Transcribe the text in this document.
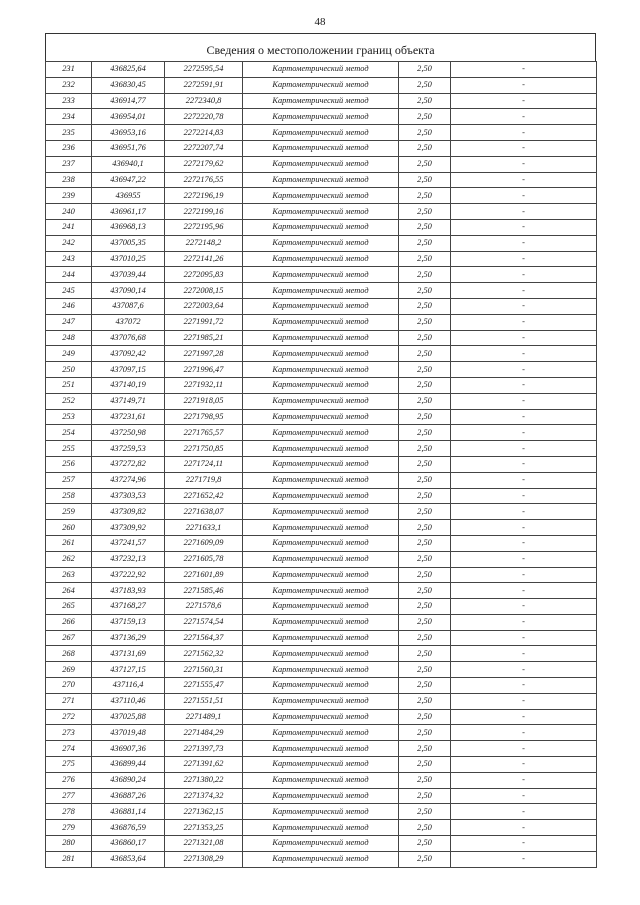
48
Сведения о местоположении границ объекта
231	436825,64	2272595,54	Картометрический метод	2,50	-
232	436830,45	2272591,91	Картометрический метод	2,50	-
233	436914,77	2272340,8	Картометрический метод	2,50	-
234	436954,01	2272220,78	Картометрический метод	2,50	-
235	436953,16	2272214,83	Картометрический метод	2,50	-
236	436951,76	2272207,74	Картометрический метод	2,50	-
237	436940,1	2272179,62	Картометрический метод	2,50	-
238	436947,22	2272176,55	Картометрический метод	2,50	-
239	436955	2272196,19	Картометрический метод	2,50	-
240	436961,17	2272199,16	Картометрический метод	2,50	-
241	436968,13	2272195,96	Картометрический метод	2,50	-
242	437005,35	2272148,2	Картометрический метод	2,50	-
243	437010,25	2272141,26	Картометрический метод	2,50	-
244	437039,44	2272095,83	Картометрический метод	2,50	-
245	437090,14	2272008,15	Картометрический метод	2,50	-
246	437087,6	2272003,64	Картометрический метод	2,50	-
247	437072	2271991,72	Картометрический метод	2,50	-
248	437076,68	2271985,21	Картометрический метод	2,50	-
249	437092,42	2271997,28	Картометрический метод	2,50	-
250	437097,15	2271996,47	Картометрический метод	2,50	-
251	437140,19	2271932,11	Картометрический метод	2,50	-
252	437149,71	2271918,05	Картометрический метод	2,50	-
253	437231,61	2271798,95	Картометрический метод	2,50	-
254	437250,98	2271765,57	Картометрический метод	2,50	-
255	437259,53	2271750,85	Картометрический метод	2,50	-
256	437272,82	2271724,11	Картометрический метод	2,50	-
257	437274,96	2271719,8	Картометрический метод	2,50	-
258	437303,53	2271652,42	Картометрический метод	2,50	-
259	437309,82	2271638,07	Картометрический метод	2,50	-
260	437309,92	2271633,1	Картометрический метод	2,50	-
261	437241,57	2271609,09	Картометрический метод	2,50	-
262	437232,13	2271605,78	Картометрический метод	2,50	-
263	437222,92	2271601,89	Картометрический метод	2,50	-
264	437183,93	2271585,46	Картометрический метод	2,50	-
265	437168,27	2271578,6	Картометрический метод	2,50	-
266	437159,13	2271574,54	Картометрический метод	2,50	-
267	437136,29	2271564,37	Картометрический метод	2,50	-
268	437131,69	2271562,32	Картометрический метод	2,50	-
269	437127,15	2271560,31	Картометрический метод	2,50	-
270	437116,4	2271555,47	Картометрический метод	2,50	-
271	437110,46	2271551,51	Картометрический метод	2,50	-
272	437025,88	2271489,1	Картометрический метод	2,50	-
273	437019,48	2271484,29	Картометрический метод	2,50	-
274	436907,36	2271397,73	Картометрический метод	2,50	-
275	436899,44	2271391,62	Картометрический метод	2,50	-
276	436890,24	2271380,22	Картометрический метод	2,50	-
277	436887,26	2271374,32	Картометрический метод	2,50	-
278	436881,14	2271362,15	Картометрический метод	2,50	-
279	436876,59	2271353,25	Картометрический метод	2,50	-
280	436860,17	2271321,08	Картометрический метод	2,50	-
281	436853,64	2271308,29	Картометрический метод	2,50	-
